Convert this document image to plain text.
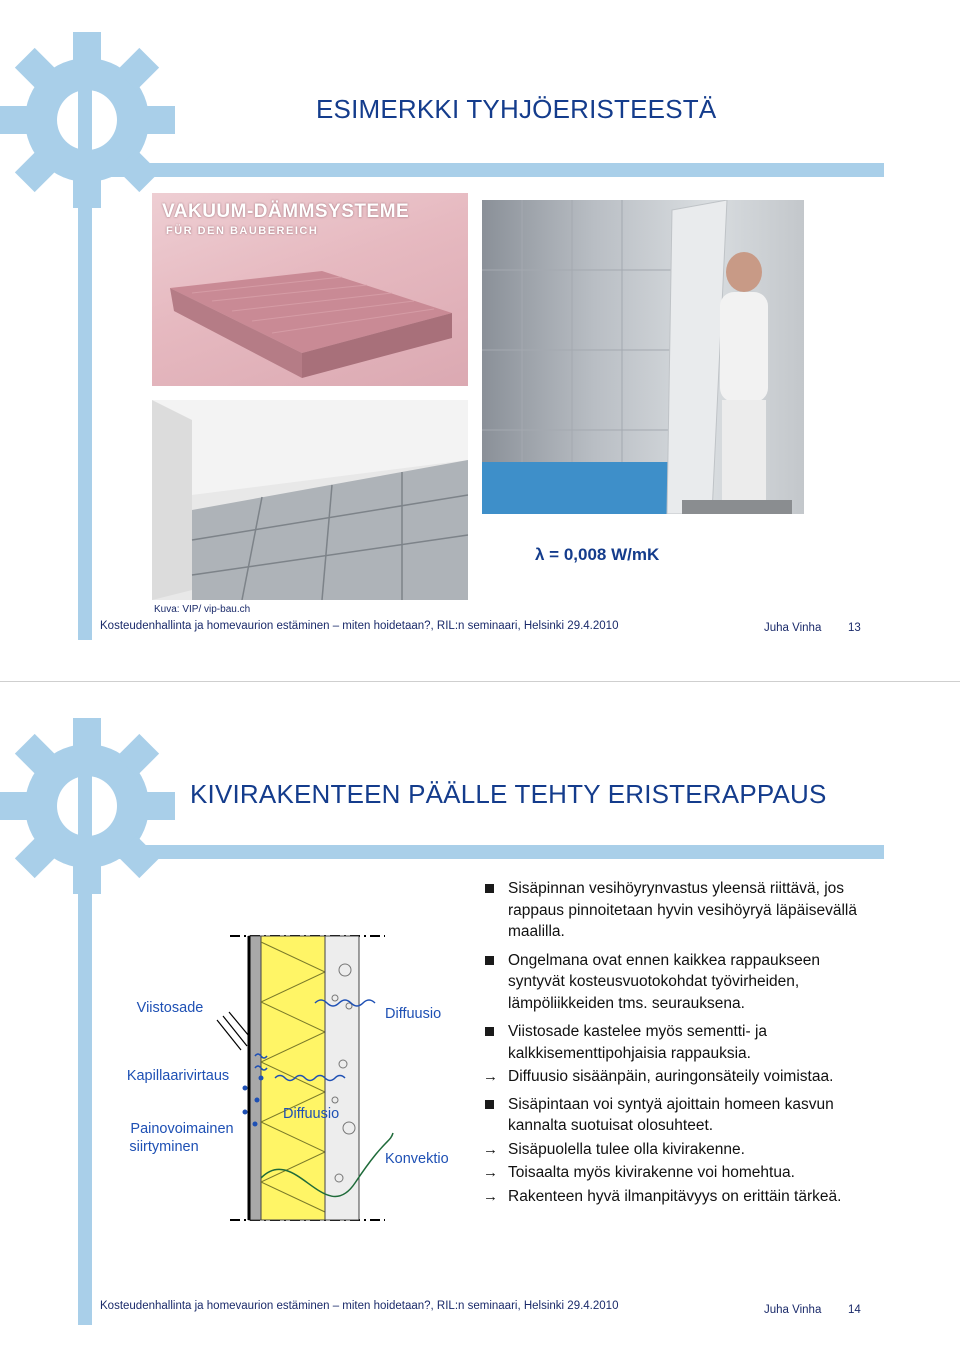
ESIMERKKI TYHJÖERISTEESTÄ
VAKUUM-DÄMMSYSTEME
FÜR DEN BAUBEREICH
λ = 0,008 W/mK
Kuva: VIP/ vip-bau.ch
Kosteudenhallinta ja homevaurion estäminen – miten hoidetaan?, RIL:n seminaari, Helsinki 29.4.2010	Juha Vinha 13
KIVIRAKENTEEN PÄÄLLE TEHTY ERISTERAPPAUS
Viistosade
Kapillaarivirtaus
Painovoimainen
siirtyminen
Diffuusio
Diffuusio
Konvektio
Sisäpinnan vesihöyrynvastus yleensä riittävä, jos rappaus pinnoitetaan hyvin vesihöyryä läpäisevällä maalilla.
Ongelmana ovat ennen kaikkea rappaukseen syntyvät kosteusvuotokohdat työvirheiden, lämpöliikkeiden tms. seurauksena.
Viistosade kastelee myös sementti- ja kalkkisementtipohjaisia rappauksia.
→ Diffuusio sisäänpäin, auringonsäteily voimistaa.
Sisäpintaan voi syntyä ajoittain homeen kasvun kannalta suotuisat olosuhteet.
→ Sisäpuolella tulee olla kivirakenne.
→ Toisaalta myös kivirakenne voi homehtua.
→ Rakenteen hyvä ilmanpitävyys on erittäin tärkeä.
Kosteudenhallinta ja homevaurion estäminen – miten hoidetaan?, RIL:n seminaari, Helsinki 29.4.2010	Juha Vinha 14
